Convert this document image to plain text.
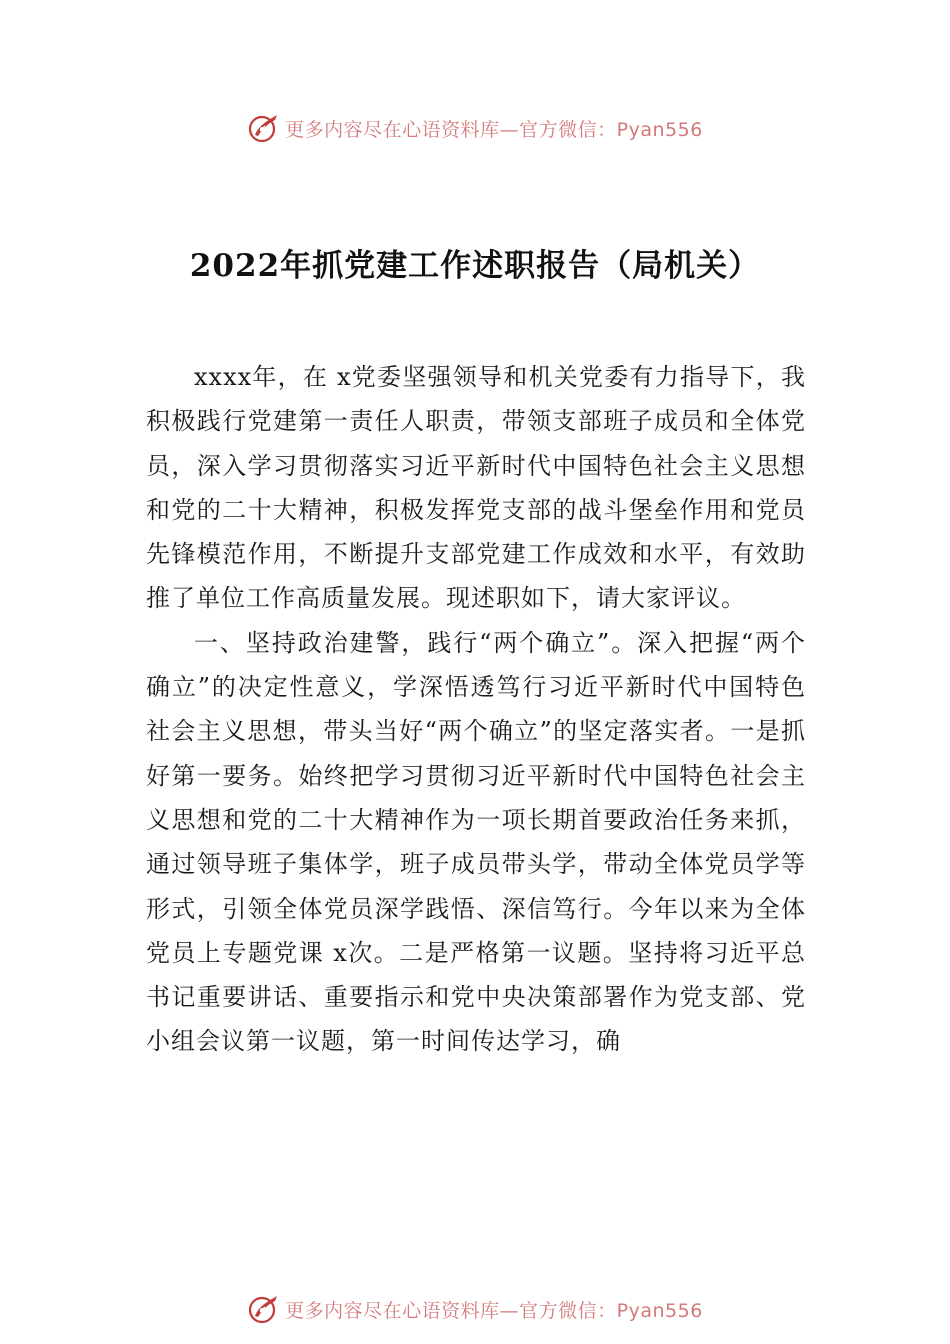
更多内容尽在心语资料库—官方微信：Pyan556
2022年抓党建工作述职报告（局机关）

xxxx年，在 x党委坚强领导和机关党委有力指导下，我积极践行党建第一责任人职责，带领支部班子成员和全体党员，深入学习贯彻落实习近平新时代中国特色社会主义思想和党的二十大精神，积极发挥党支部的战斗堡垒作用和党员先锋模范作用，不断提升支部党建工作成效和水平，有效助推了单位工作高质量发展。现述职如下，请大家评议。

一、坚持政治建警，践行“两个确立”。深入把握“两个确立”的决定性意义，学深悟透笃行习近平新时代中国特色社会主义思想，带头当好“两个确立”的坚定落实者。一是抓好第一要务。始终把学习贯彻习近平新时代中国特色社会主义思想和党的二十大精神作为一项长期首要政治任务来抓，通过领导班子集体学，班子成员带头学，带动全体党员学等形式，引领全体党员深学践悟、深信笃行。今年以来为全体党员上专题党课 x次。二是严格第一议题。坚持将习近平总书记重要讲话、重要指示和党中央决策部署作为党支部、党小组会议第一议题，第一时间传达学习，确

更多内容尽在心语资料库—官方微信：Pyan556
